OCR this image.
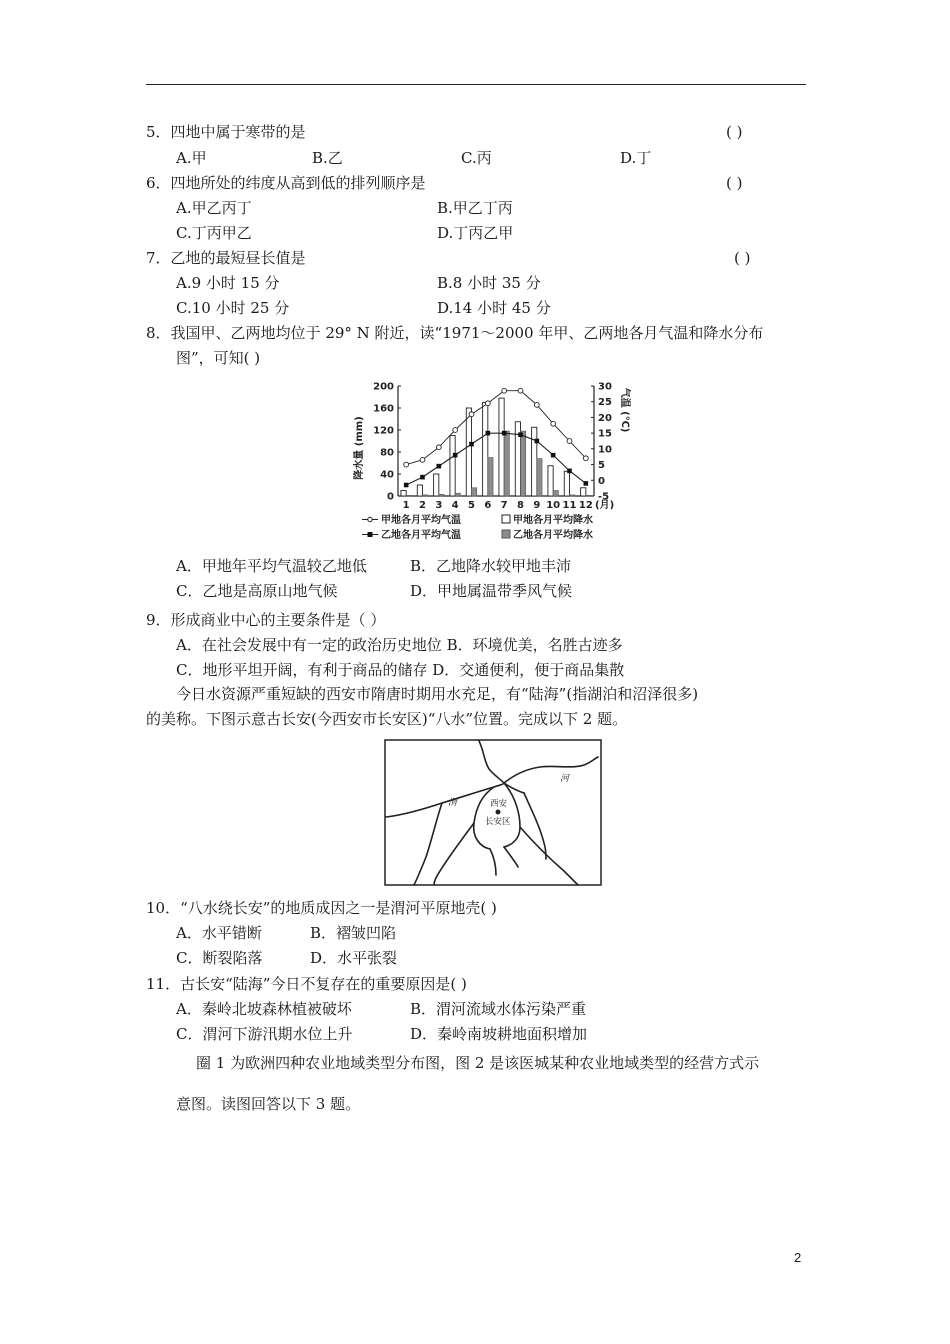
5．四地中属于寒带的是	( )
A.甲	B.乙	C.丙	D.丁
6．四地所处的纬度从高到低的排列顺序是	( )
A.甲乙丙丁	B.甲乙丁丙
C.丁丙甲乙	D.丁丙乙甲
7．乙地的最短昼长值是	( )
A.9 小时 15 分	B.8 小时 35 分
C.10 小时 25 分	D.14 小时 45 分
8．我国甲、乙两地均位于 29° N 附近，读“1971～2000 年甲、乙两地各月气温和降水分布
图”，可知( )
0
40
80
120
160
200
-5
0
5
10
15
20
25
30
降水量 (mm)
气温 (℃)
1 2 3 4 5 6 7 8 9 10 11 12 (月)
甲地各月平均气温	甲地各月平均降水
乙地各月平均气温	乙地各月平均降水
A．甲地年平均气温较乙地低	B．乙地降水较甲地丰沛
C．乙地是高原山地气候	D．甲地属温带季风气候
9．形成商业中心的主要条件是（ ）
A．在社会发展中有一定的政治历史地位 B．环境优美，名胜古迹多
C．地形平坦开阔，有利于商品的储存 D．交通便利，便于商品集散
今日水资源严重短缺的西安市隋唐时期用水充足，有“陆海”(指湖泊和沼泽很多)
的美称。下图示意古长安(今西安市长安区)“八水”位置。完成以下 2 题。
渭
河
西安
长安区
10．“八水绕长安”的地质成因之一是渭河平原地壳( )
A．水平错断	B．褶皱凹陷
C．断裂陷落	D．水平张裂
11．古长安“陆海”今日不复存在的重要原因是( )
A．秦岭北坡森林植被破坏	B．渭河流域水体污染严重
C．渭河下游汛期水位上升	D．秦岭南坡耕地面积增加
圈 1 为欧洲四种农业地域类型分布图，图 2 是该医城某种农业地域类型的经营方式示
意图。读图回答以下 3 题。
2
